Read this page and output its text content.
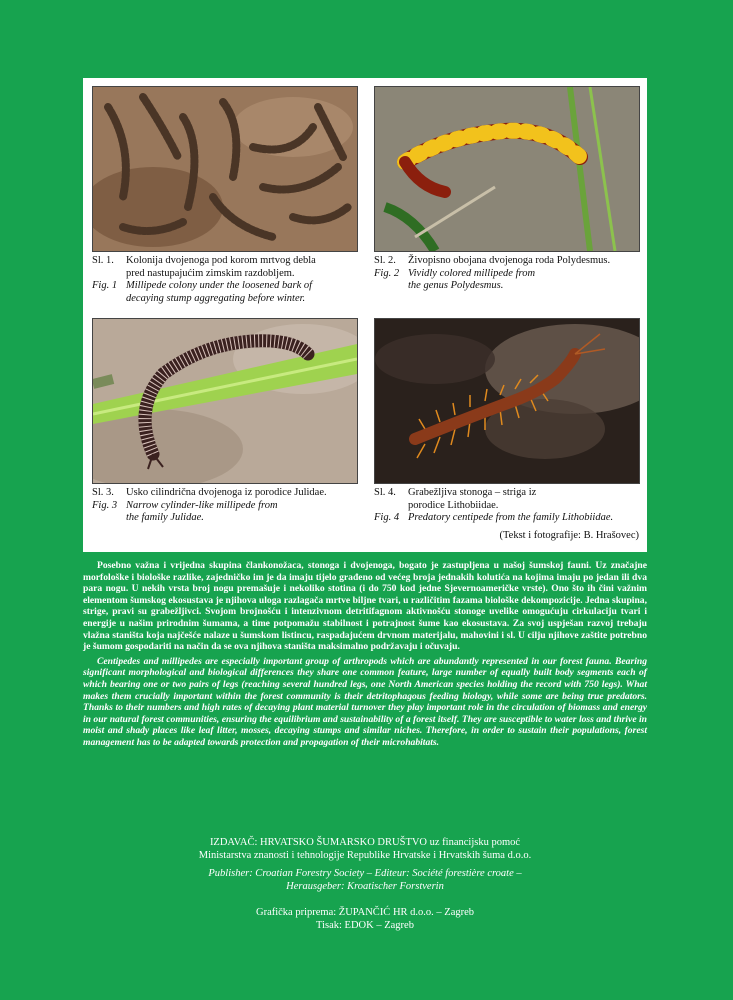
Sl. 1.	Kolonija dvojenoga pod korom mrtvog debla
pred nastupajućim zimskim razdobljem.
Fig. 1 Millipede colony under the loosened bark of
decaying stump aggregating before winter.
Sl. 2.	Živopisno obojana dvojenoga roda Polydesmus.
Fig. 2 Vividly colored millipede from
the genus Polydesmus.
Sl. 3.	Usko cilindrična dvojenoga iz porodice Julidae.
Fig. 3 Narrow cylinder-like millipede from
the family Julidae.
Sl. 4.	Grabežljiva stonoga – striga iz
porodice Lithobiidae.
Fig. 4 Predatory centipede from the family Lithobiidae.
(Tekst i fotografije: B. Hrašovec)

Posebno važna i vrijedna skupina člankonožaca, stonoga i dvojenoga, bogato je zastupljena u našoj šumskoj fauni. Uz značajne morfološke i biološke razlike, zajedničko im je da imaju tijelo građeno od većeg broja jednakih kolutića na kojima imaju po jedan ili dva para nogu. U nekih vrsta broj nogu premašuje i nekoliko stotina (i do 750 kod jedne Sjevernoameričke vrste). Ono što ih čini važnim elementom šumskog ekosustava je njihova uloga razlagača mrtve biljne tvari, u različitim fazama biološke dekompozicije. Jedna skupina, strige, pravi su grabežljivci. Svojom brojnošću i intenzivnom detritifagnom aktivnošću stonoge uvelike omogućuju cirkulaciju tvari i energije u našim prirodnim šumama, a time potpomažu stabilnost i potrajnost šume kao ekosustava. Za svoj uspješan razvoj trebaju vlažna staništa koja najčešće nalaze u šumskom listincu, raspadajućem drvnom materijalu, mahovini i sl. U cilju njihove zaštite potrebno je šumom gospodariti na način da se ova njihova staništa maksimalno podržavaju i očuvaju.

Centipedes and millipedes are especially important group of arthropods which are abundantly represented in our forest fauna. Bearing significant morphological and biological differences they share one common feature, large number of equally built body segments each of which bearing one or two pairs of legs (reaching several hundred legs, one North American species holding the record with 750 legs). What makes them crucially important within the forest community is their detritophagous feeding biology, while some are being true predators. Thanks to their numbers and high rates of decaying plant material turnover they play important role in the circulation of biomass and energy in our natural forest communities, ensuring the equilibrium and sustainability of a forest itself. They are susceptible to water loss and thrive in moist and shady places like leaf litter, mosses, decaying stumps and similar niches. Therefore, in order to sustain their populations, forest management has to be adapted towards protection and propagation of their microhabitats.

IZDAVAČ: HRVATSKO ŠUMARSKO DRUŠTVO uz financijsku pomoć
Ministarstva znanosti i tehnologije Republike Hrvatske i Hrvatskih šuma d.o.o.
Publisher: Croatian Forestry Society – Editeur: Société forestière croate –
Herausgeber: Kroatischer Forstverin
Grafička priprema: ŽUPANČIĆ HR d.o.o. – Zagreb
Tisak: EDOK – Zagreb
